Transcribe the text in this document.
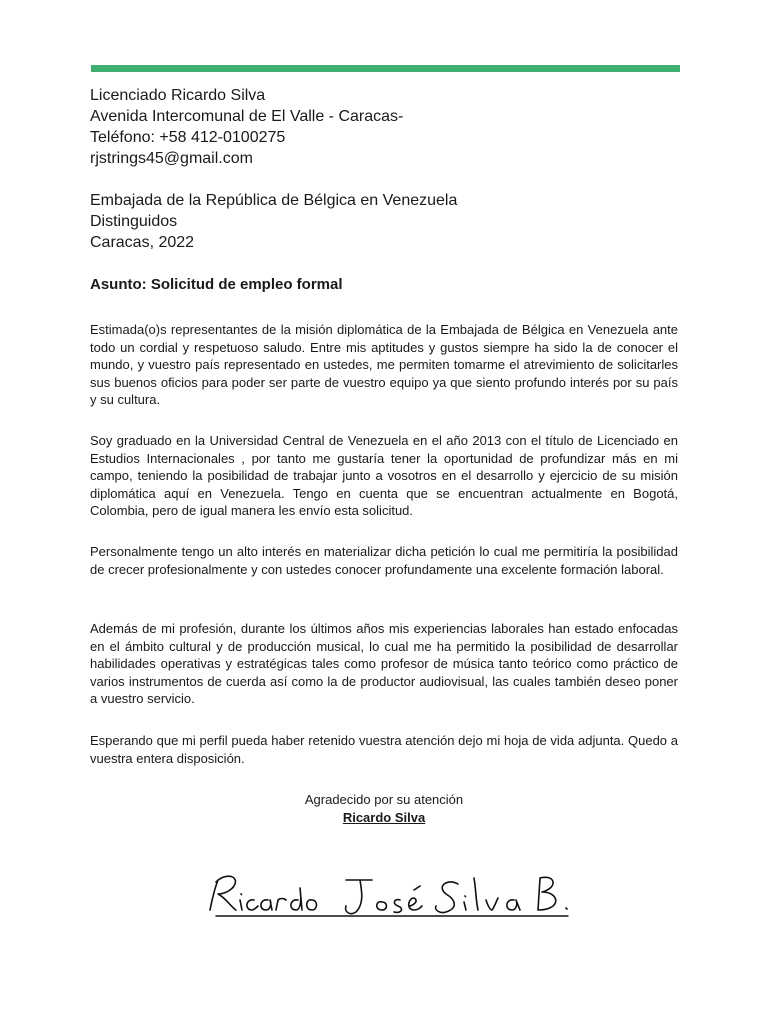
Licenciado Ricardo Silva
Avenida Intercomunal de El Valle - Caracas-
Teléfono: +58 412-0100275
rjstrings45@gmail.com
Embajada de la República de Bélgica en Venezuela
Distinguidos
Caracas, 2022
Asunto: Solicitud de empleo formal
Estimada(o)s representantes de la misión diplomática de la Embajada de Bélgica en Venezuela ante todo un cordial y respetuoso saludo. Entre mis aptitudes y gustos siempre ha sido la de conocer el mundo, y vuestro país representado en ustedes, me permiten tomarme el atrevimiento de solicitarles sus buenos oficios para poder ser parte de vuestro equipo ya que siento profundo interés por su país y su cultura.
Soy graduado en la Universidad Central de Venezuela en el año 2013 con el título de Licenciado en Estudios Internacionales , por tanto me gustaría tener la oportunidad de profundizar más en mi campo, teniendo la posibilidad de trabajar junto a vosotros en el desarrollo y ejercicio de su misión diplomática aquí en Venezuela. Tengo en cuenta que se encuentran actualmente en Bogotá, Colombia, pero de igual manera les envío esta solicitud.
Personalmente tengo un alto interés en materializar dicha petición lo cual me permitiría la posibilidad de crecer profesionalmente y con ustedes conocer profundamente una excelente formación laboral.
Además de mi profesión, durante los últimos años mis experiencias laborales han estado enfocadas en el ámbito cultural y de producción musical, lo cual me ha permitido la posibilidad de desarrollar habilidades operativas y estratégicas tales como profesor de música tanto teórico como práctico de varios instrumentos de cuerda así como la de productor audiovisual, las cuales también deseo poner a vuestro servicio.
Esperando que mi perfil pueda haber retenido vuestra atención dejo mi hoja de vida adjunta. Quedo a vuestra entera disposición.
Agradecido por su atención
Ricardo Silva
